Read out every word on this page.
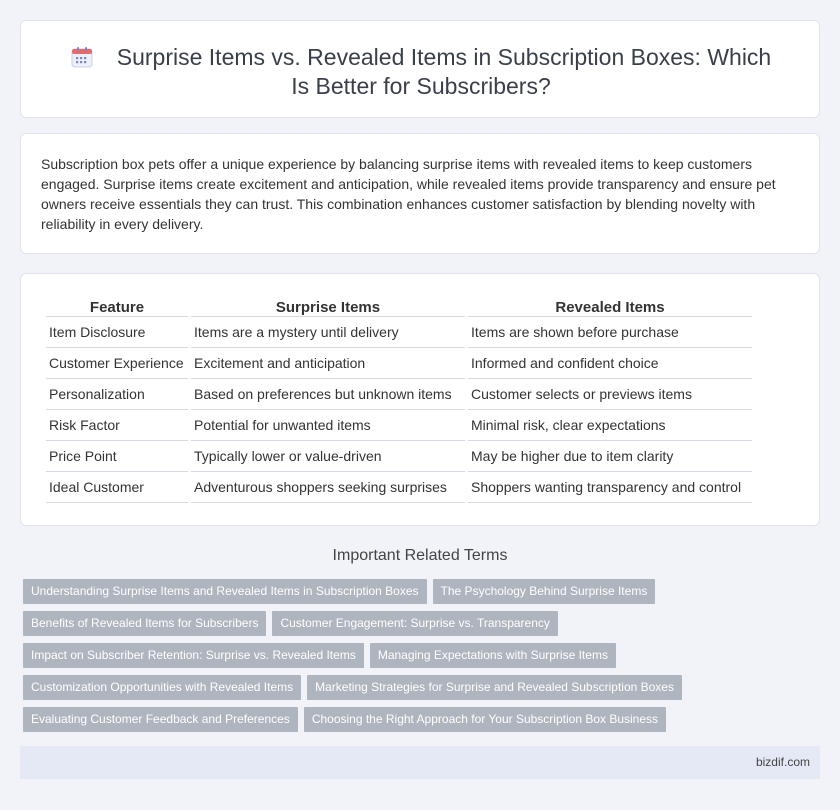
Surprise Items vs. Revealed Items in Subscription Boxes: Which Is Better for Subscribers?

Subscription box pets offer a unique experience by balancing surprise items with revealed items to keep customers engaged. Surprise items create excitement and anticipation, while revealed items provide transparency and ensure pet owners receive essentials they can trust. This combination enhances customer satisfaction by blending novelty with reliability in every delivery.

Feature	Surprise Items	Revealed Items
Item Disclosure	Items are a mystery until delivery	Items are shown before purchase
Customer Experience	Excitement and anticipation	Informed and confident choice
Personalization	Based on preferences but unknown items	Customer selects or previews items
Risk Factor	Potential for unwanted items	Minimal risk, clear expectations
Price Point	Typically lower or value-driven	May be higher due to item clarity
Ideal Customer	Adventurous shoppers seeking surprises	Shoppers wanting transparency and control
Important Related Terms
Understanding Surprise Items and Revealed Items in Subscription Boxes The Psychology Behind Surprise Items
Benefits of Revealed Items for Subscribers Customer Engagement: Surprise vs. Transparency
Impact on Subscriber Retention: Surprise vs. Revealed Items Managing Expectations with Surprise Items
Customization Opportunities with Revealed Items Marketing Strategies for Surprise and Revealed Subscription Boxes
Evaluating Customer Feedback and Preferences Choosing the Right Approach for Your Subscription Box Business
bizdif.com
